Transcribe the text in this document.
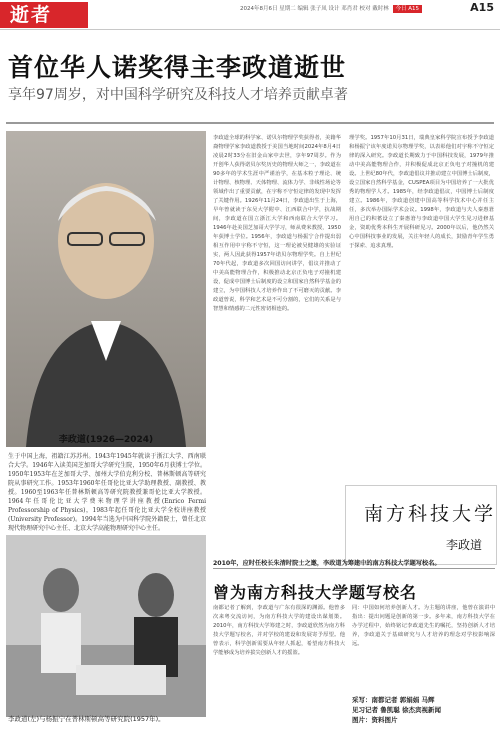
逝者	2024年8月6日 星期二 编辑 张子凤 设计 邓肖君 校对 戴时林 今日 A15	A15
首位华人诺奖得主李政道逝世
享年97周岁，对中国科学研究及科技人才培养贡献卓著
李政道(1926—2024)
生于中国上海，祖籍江苏苏州。1943年1945年就读于浙江大学、西南联合大学。1946年入读美国芝加哥大学研究生院，1950年6月获博士学位。1950年1953年在芝加哥大学、加州大学伯克利分校、普林斯顿高等研究院从事研究工作。1953年1960年任哥伦比亚大学助理教授、副教授、教授。1960至1963年任普林斯顿高等研究院教授兼哥伦比亚大学教授。1964年任哥伦比亚大学费米物理学讲座教授(Enrico Fermi Professorship of Physics)，1983年起任哥伦比亚大学全校讲座教授(University Professor)。1994年当选为中国科学院外籍院士，曾任北京现代物理研究中心主任、北京大学高能物理研究中心主任。
李政道(左)与杨振宁在普林斯顿高等研究院(1957年)。
李政道全球的科学家、诺贝尔物理学奖获得者，美籍华裔物理学家李政道教授于美国当地时间2024年8月4日凌晨2时33分在旧金山家中去世，享年97周岁。作为开创华人获得诺贝尔奖历史的物理大师之一，李政道在90多年的学术生涯中严谨治学，在基本粒子理论、统计物理、核物理、天体物理、流体力学、非线性场论等领域作出了重要贡献，在宇称不守恒定律的发现中发挥了关键作用。1926年11月24日，李政道出生于上海，早年曾就读于东吴大学附中、江西联合中学，抗战期间，李政道在国立浙江大学和西南联合大学学习。1946年赴美国芝加哥大学学习，师从费米教授，1950年获博士学位。1956年，李政道与杨振宁合作提出弱相互作用中宇称不守恒，这一理论被吴健雄的实验证实，两人因此获得1957年诺贝尔物理学奖。自上世纪70年代起，李政道多次回国访问讲学，倡议并推动了中美高能物理合作，积极推动北京正负电子对撞机建设，促成中国博士后制度的设立和国家自然科学基金的建立，为中国科技人才培养作出了不可磨灭的贡献。李政道曾说，科学和艺术是不可分割的，它们的关系是与智慧和情感的二元性密切相连的。
理学奖。1957年10月31日，瑞典皇家科学院宣布授予李政道和杨振宁该年度诺贝尔物理学奖，以表彰他们对宇称不守恒定律的深入研究。李政道长期致力于中国科技发展，1979年推动中美高能物理合作，并积极促成北京正负电子对撞机的建设。上世纪80年代，李政道倡议并推动建立中国博士后制度，设立国家自然科学基金，CUSPEA项目为中国培养了一大批优秀的物理学人才。1985年，经李政道倡议，中国博士后制度建立。1986年，李政道创建中国高等科学技术中心并任主任，多次举办国际学术会议。1998年，李政道与夫人秦惠䇹用自己的积蓄设立了秦惠䇹与李政道中国大学生见习进修基金，资助优秀本科生开展科研见习。2000年以后，他仍然关心中国科技事业的发展，关注年轻人的成长，鼓励青年学生勇于探索、追求真理。
南方科技大学
李政道
2010年，应时任校长朱清时院士之邀，李政道为筹建中的南方科技大学题写校名。
曾为南方科技大学题写校名
南都记者了解到，李政道与广东有很深的渊源。他曾多次来粤交流访问，为南方科技大学的建设出谋划策。2010年，南方科技大学筹建之时，李政道欣然为南方科技大学题写校名，并对学校的建设和发展寄予厚望。他曾表示，科学创新需要从年轻人抓起，希望南方科技大学能够成为培养拔尖创新人才的摇篮。
同：中国如何培养创新人才。为主题的讲座，他曾在演讲中指出：提出问题是创新的第一步。多年来，南方科技大学在办学过程中，始终铭记李政道先生的嘱托，坚持创新人才培养，李政道关于基础研究与人才培养的理念对学校影响深远。
采写：南都记者 郭娟娟 马辉
见习记者 鲁凯聪 徐杰宾视新闻
图片：资料图片
